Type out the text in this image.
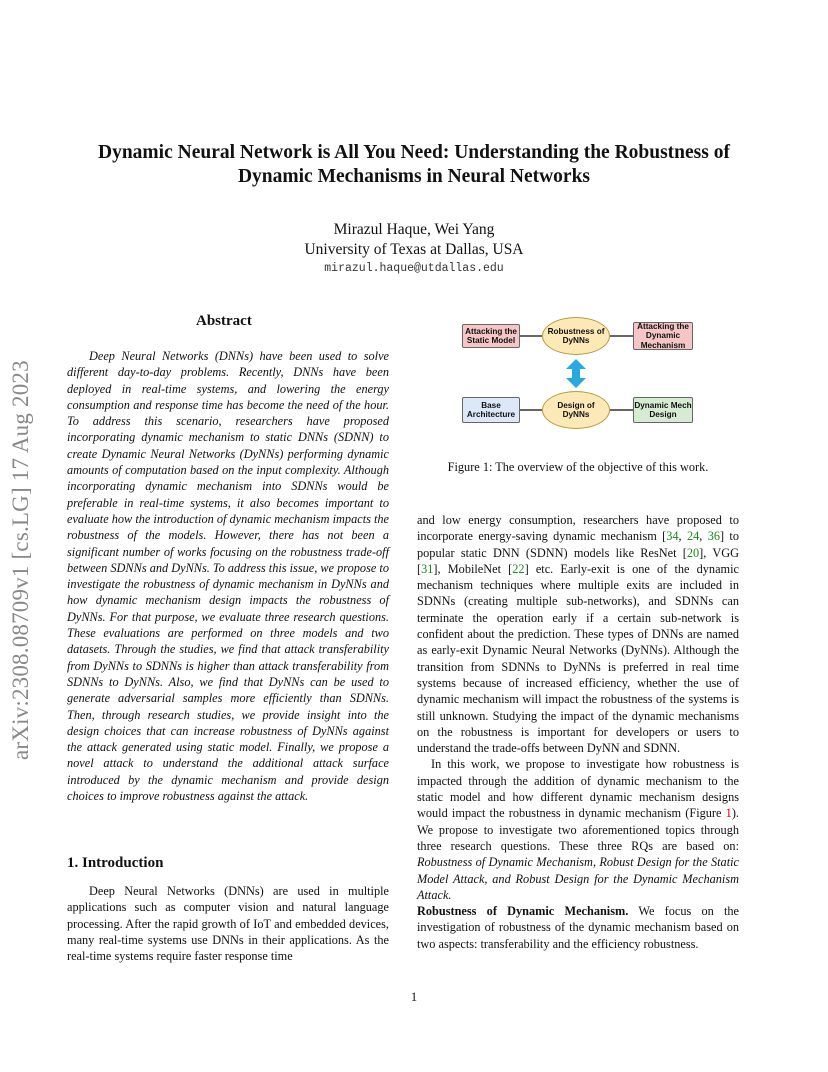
arXiv:2308.08709v1 [cs.LG] 17 Aug 2023
Dynamic Neural Network is All You Need: Understanding the Robustness of
Dynamic Mechanisms in Neural Networks
Mirazul Haque, Wei Yang
University of Texas at Dallas, USA
mirazul.haque@utdallas.edu
Abstract
Deep Neural Networks (DNNs) have been used to solve different day-to-day problems. Recently, DNNs have been deployed in real-time systems, and lowering the energy consumption and response time has become the need of the hour. To address this scenario, researchers have proposed incorporating dynamic mechanism to static DNNs (SDNN) to create Dynamic Neural Networks (DyNNs) performing dynamic amounts of computation based on the input complexity. Although incorporating dynamic mechanism into SDNNs would be preferable in real-time systems, it also becomes important to evaluate how the introduction of dynamic mechanism impacts the robustness of the models. However, there has not been a significant number of works focusing on the robustness trade-off between SDNNs and DyNNs. To address this issue, we propose to investigate the robustness of dynamic mechanism in DyNNs and how dynamic mechanism design impacts the robustness of DyNNs. For that purpose, we evaluate three research questions. These evaluations are performed on three models and two datasets. Through the studies, we find that attack transferability from DyNNs to SDNNs is higher than attack transferability from SDNNs to DyNNs. Also, we find that DyNNs can be used to generate adversarial samples more efficiently than SDNNs. Then, through research studies, we provide insight into the design choices that can increase robustness of DyNNs against the attack generated using static model. Finally, we propose a novel attack to understand the additional attack surface introduced by the dynamic mechanism and provide design choices to improve robustness against the attack.
1. Introduction
Deep Neural Networks (DNNs) are used in multiple applications such as computer vision and natural language processing. After the rapid growth of IoT and embedded devices, many real-time systems use DNNs in their applications. As the real-time systems require faster response time
Attacking the Static Model
Robustness of DyNNs
Attacking the Dynamic Mechanism
Base Architecture
Design of DyNNs
Dynamic Mech Design
Figure 1: The overview of the objective of this work.

and low energy consumption, researchers have proposed to incorporate energy-saving dynamic mechanism [34, 24, 36] to popular static DNN (SDNN) models like ResNet [20], VGG [31], MobileNet [22] etc. Early-exit is one of the dynamic mechanism techniques where multiple exits are included in SDNNs (creating multiple sub-networks), and SDNNs can terminate the operation early if a certain sub-network is confident about the prediction. These types of DNNs are named as early-exit Dynamic Neural Networks (DyNNs). Although the transition from SDNNs to DyNNs is preferred in real time systems because of increased efficiency, whether the use of dynamic mechanism will impact the robustness of the systems is still unknown. Studying the impact of the dynamic mechanisms on the robustness is important for developers or users to understand the trade-offs between DyNN and SDNN.

In this work, we propose to investigate how robustness is impacted through the addition of dynamic mechanism to the static model and how different dynamic mechanism designs would impact the robustness in dynamic mechanism (Figure 1). We propose to investigate two aforementioned topics through three research questions. These three RQs are based on: Robustness of Dynamic Mechanism, Robust Design for the Static Model Attack, and Robust Design for the Dynamic Mechanism Attack.

Robustness of Dynamic Mechanism. We focus on the investigation of robustness of the dynamic mechanism based on two aspects: transferability and the efficiency robustness.

1
